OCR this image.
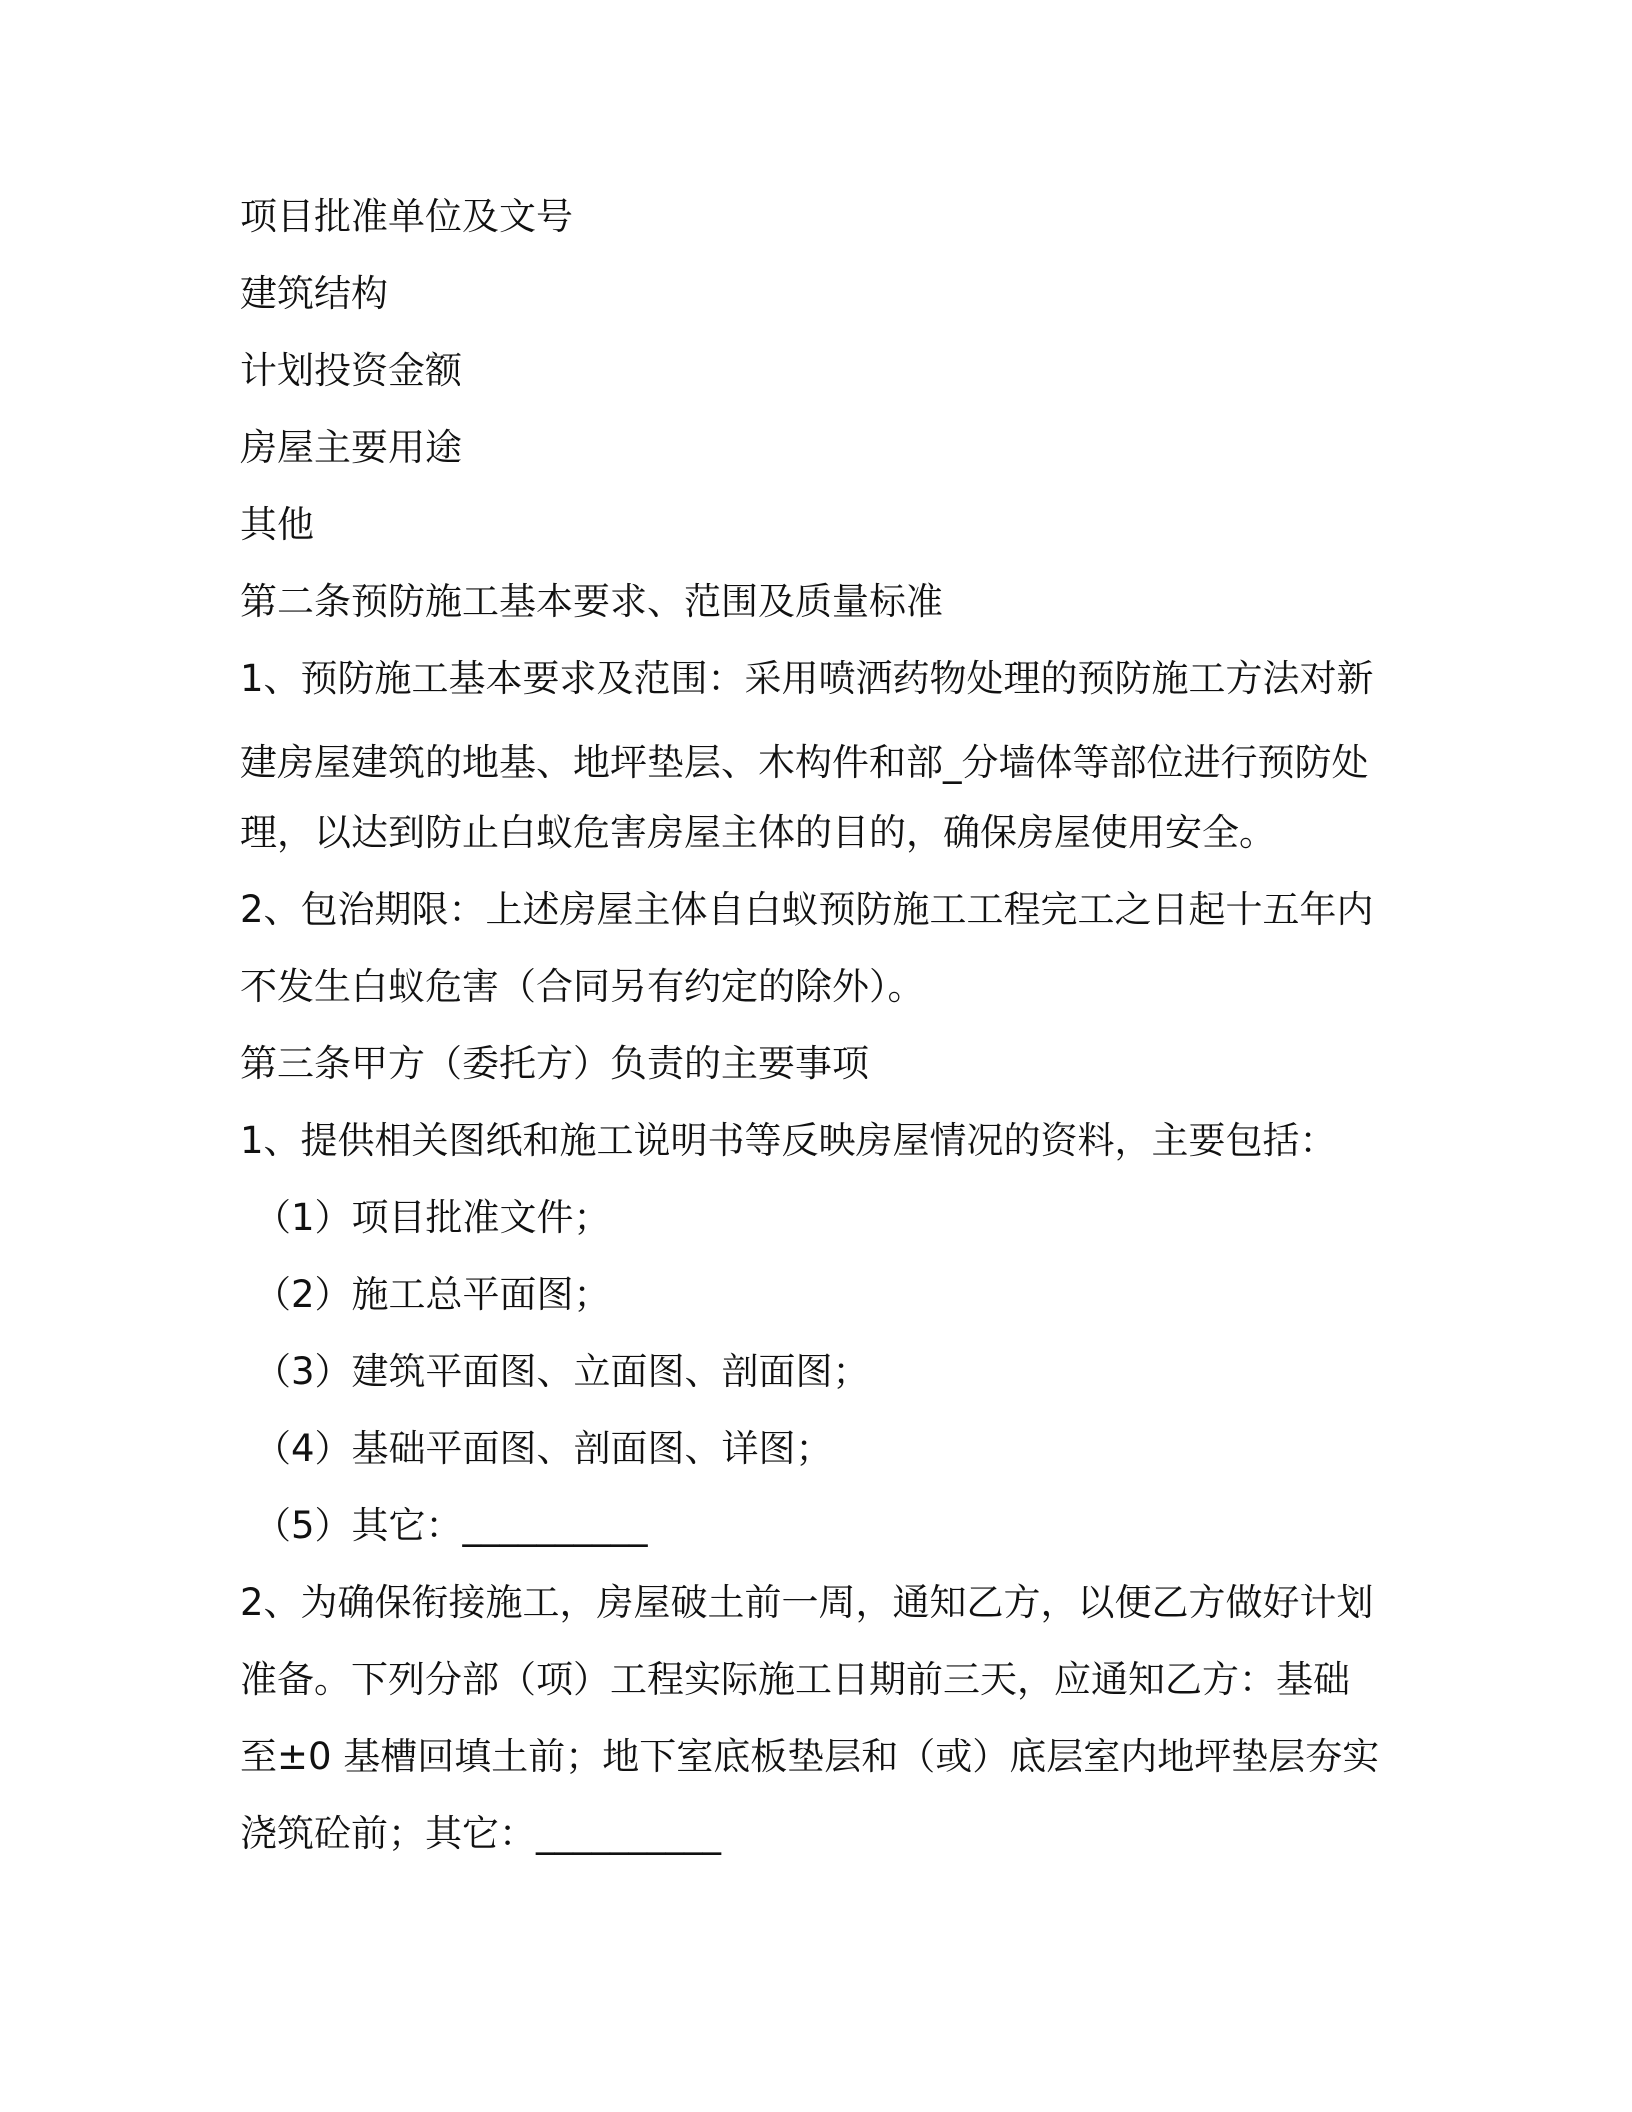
项目批准单位及文号
建筑结构
计划投资金额
房屋主要用途
其他
第二条预防施工基本要求、范围及质量标准
1、预防施工基本要求及范围：采用喷洒药物处理的预防施工方法对新
建房屋建筑的地基、地坪垫层、木构件和部_分墙体等部位进行预防处
理，以达到防止白蚁危害房屋主体的目的，确保房屋使用安全。
2、包治期限：上述房屋主体自白蚁预防施工工程完工之日起十五年内
不发生白蚁危害（合同另有约定的除外）。
第三条甲方（委托方）负责的主要事项
1、提供相关图纸和施工说明书等反映房屋情况的资料，主要包括：
（1）项目批准文件；
（2）施工总平面图；
（3）建筑平面图、立面图、剖面图；
（4）基础平面图、剖面图、详图；
（5）其它：__________
2、为确保衔接施工，房屋破土前一周，通知乙方，以便乙方做好计划
准备。下列分部（项）工程实际施工日期前三天，应通知乙方：基础
至±0 基槽回填土前；地下室底板垫层和（或）底层室内地坪垫层夯实
浇筑砼前；其它：__________
